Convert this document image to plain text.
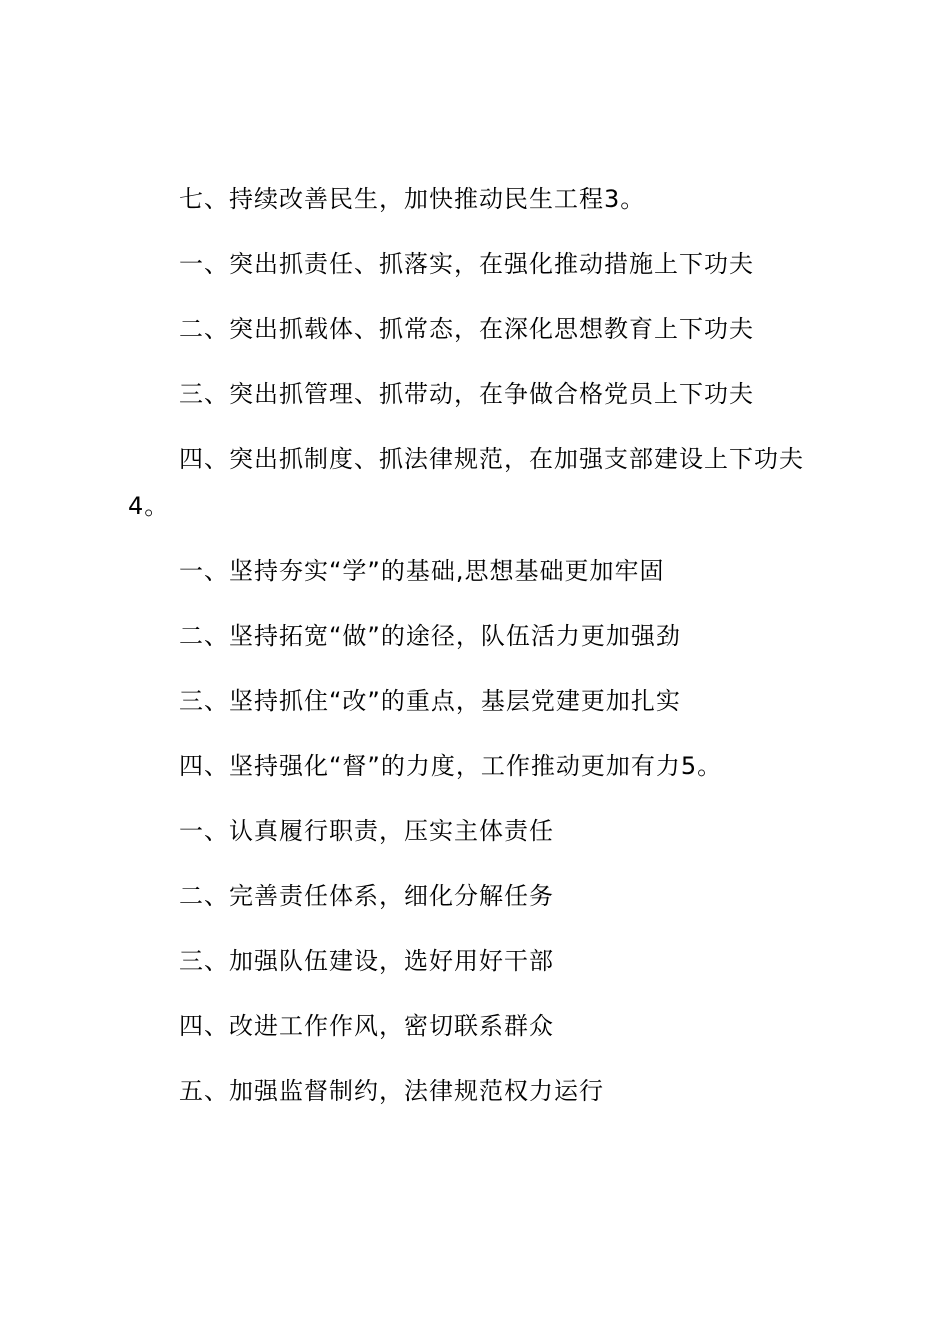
七、持续改善民生，加快推动民生工程3。

一、突出抓责任、抓落实，在强化推动措施上下功夫

二、突出抓载体、抓常态，在深化思想教育上下功夫

三、突出抓管理、抓带动，在争做合格党员上下功夫

四、突出抓制度、抓法律规范，在加强支部建设上下功夫
4。

一、坚持夯实“学”的基础,思想基础更加牢固

二、坚持拓宽“做”的途径，队伍活力更加强劲

三、坚持抓住“改”的重点，基层党建更加扎实

四、坚持强化“督”的力度，工作推动更加有力5。

一、认真履行职责，压实主体责任

二、完善责任体系，细化分解任务

三、加强队伍建设，选好用好干部

四、改进工作作风，密切联系群众

五、加强监督制约，法律规范权力运行
